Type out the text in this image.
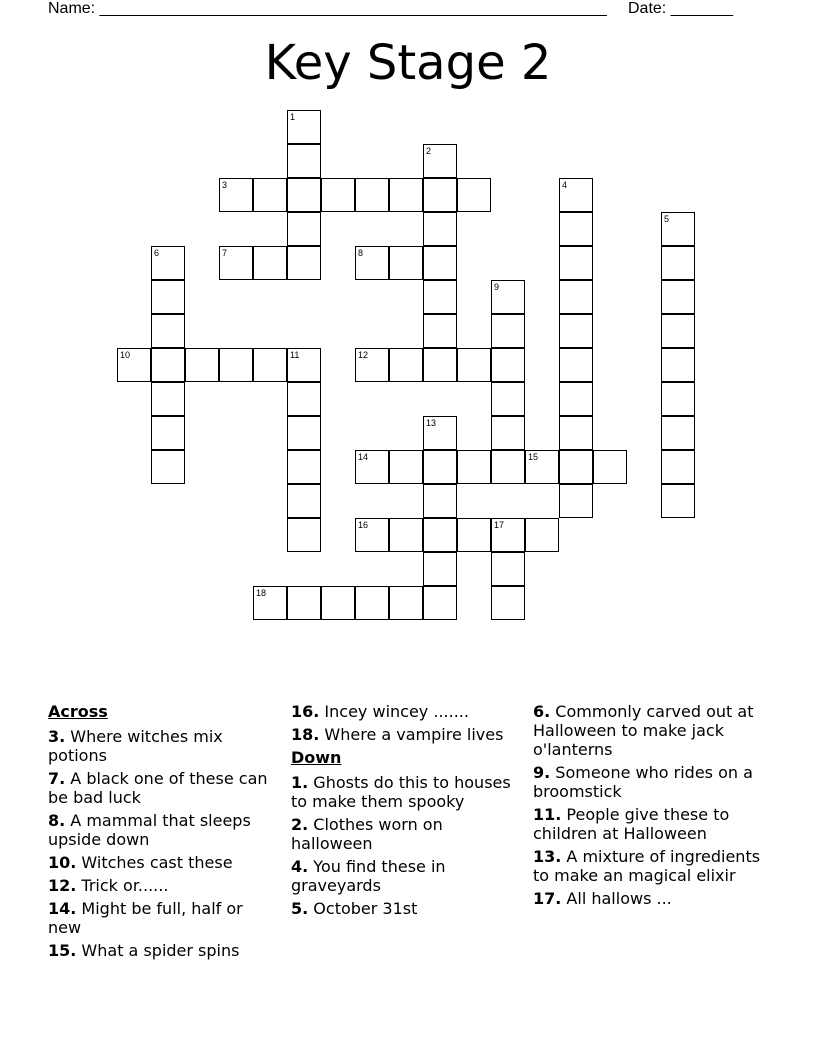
Name: _________________________________________________________ Date: _______
Key Stage 2
1
2
3	4
5
6	7	8
9
10	11	12
13
14	15
16	17
18
Across
3. Where witches mix potions
7. A black one of these can be bad luck
8. A mammal that sleeps upside down
10. Witches cast these
12. Trick or......
14. Might be full, half or new
15. What a spider spins
16. Incey wincey .......
18. Where a vampire lives
Down
1. Ghosts do this to houses to make them spooky
2. Clothes worn on halloween
4. You find these in graveyards
5. October 31st
6. Commonly carved out at Halloween to make jack o'lanterns
9. Someone who rides on a broomstick
11. People give these to children at Halloween
13. A mixture of ingredients to make an magical elixir
17. All hallows ...
